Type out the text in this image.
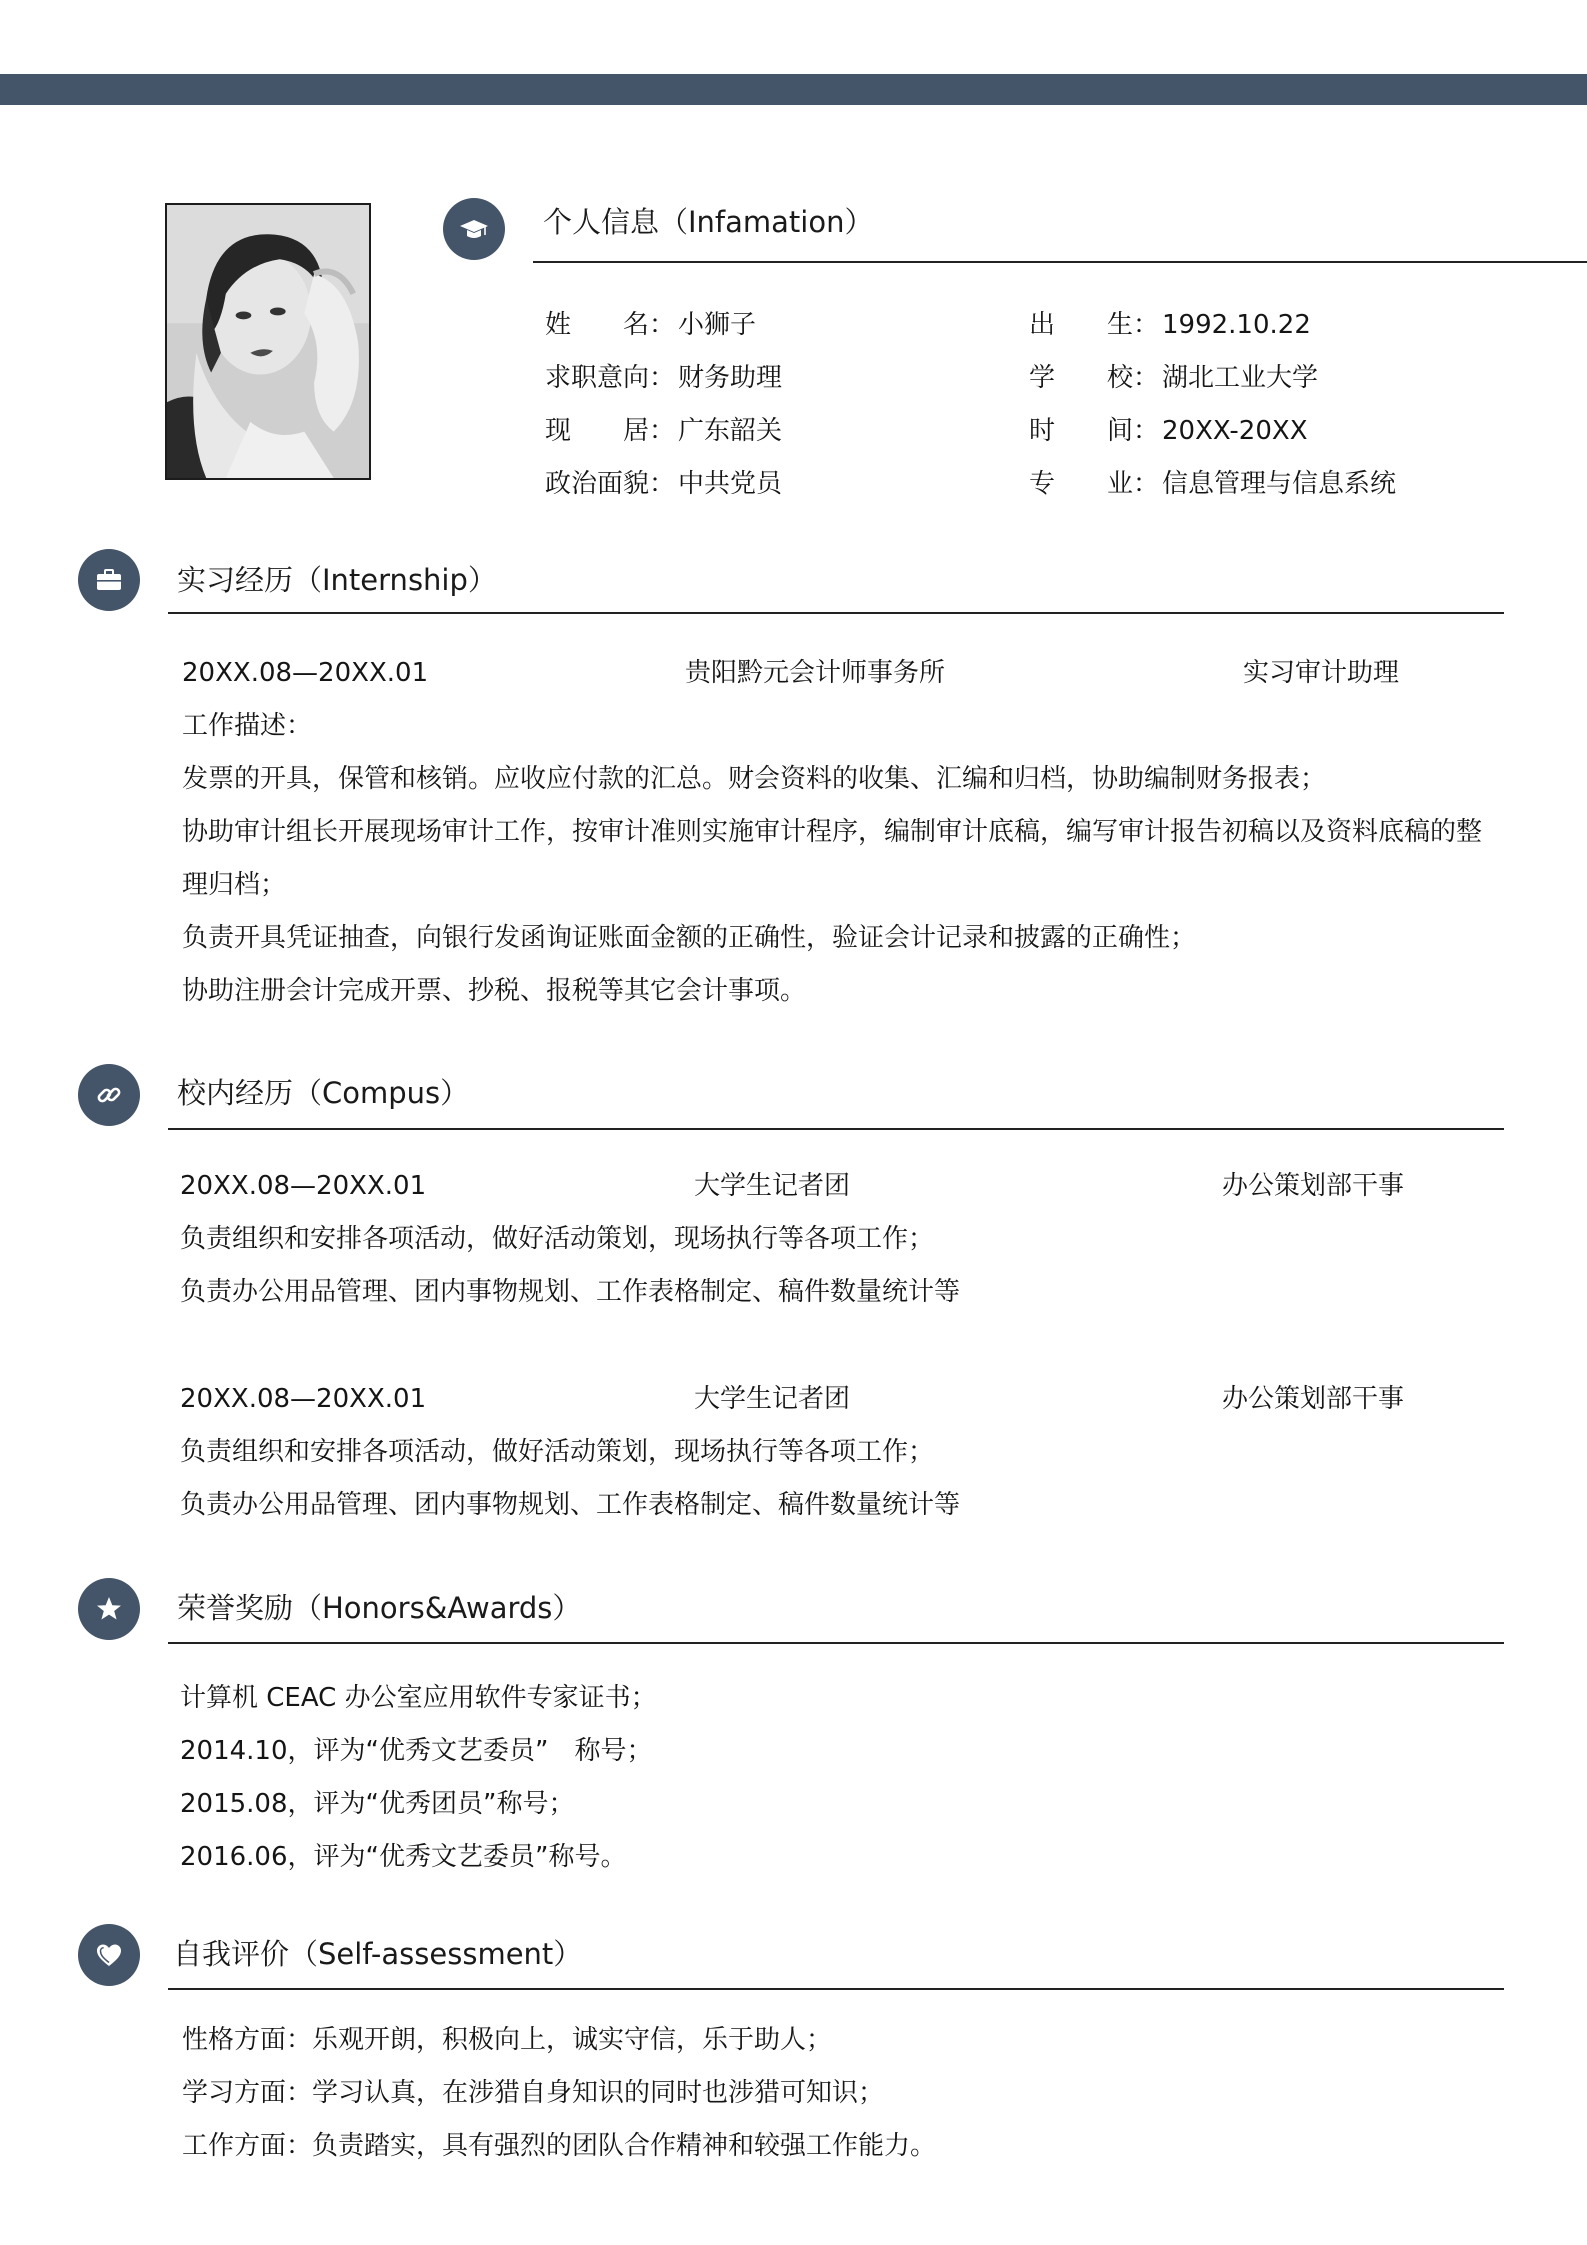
个人信息（Infamation）
姓　　名： 小狮子
求职意向： 财务助理
现　　居： 广东韶关
政治面貌： 中共党员
出　　生： 1992.10.22
学　　校： 湖北工业大学
时　　间： 20XX-20XX
专　　业： 信息管理与信息系统
实习经历（Internship）
20XX.08—20XX.01	贵阳黔元会计师事务所	实习审计助理
工作描述：
发票的开具，保管和核销。应收应付款的汇总。财会资料的收集、汇编和归档，协助编制财务报表；
协助审计组长开展现场审计工作，按审计准则实施审计程序，编制审计底稿，编写审计报告初稿以及资料底稿的整
理归档；
负责开具凭证抽查，向银行发函询证账面金额的正确性，验证会计记录和披露的正确性；
协助注册会计完成开票、抄税、报税等其它会计事项。
校内经历（Compus）
20XX.08—20XX.01	大学生记者团	办公策划部干事
负责组织和安排各项活动，做好活动策划，现场执行等各项工作；
负责办公用品管理、团内事物规划、工作表格制定、稿件数量统计等
20XX.08—20XX.01	大学生记者团	办公策划部干事
负责组织和安排各项活动，做好活动策划，现场执行等各项工作；
负责办公用品管理、团内事物规划、工作表格制定、稿件数量统计等
荣誉奖励（Honors&Awards）
计算机 CEAC 办公室应用软件专家证书；
2014.10，评为“优秀文艺委员”　称号；
2015.08，评为“优秀团员”称号；
2016.06，评为“优秀文艺委员”称号。
自我评价（Self-assessment）
性格方面：乐观开朗，积极向上，诚实守信，乐于助人；
学习方面：学习认真，在涉猎自身知识的同时也涉猎可知识；
工作方面：负责踏实，具有强烈的团队合作精神和较强工作能力。
